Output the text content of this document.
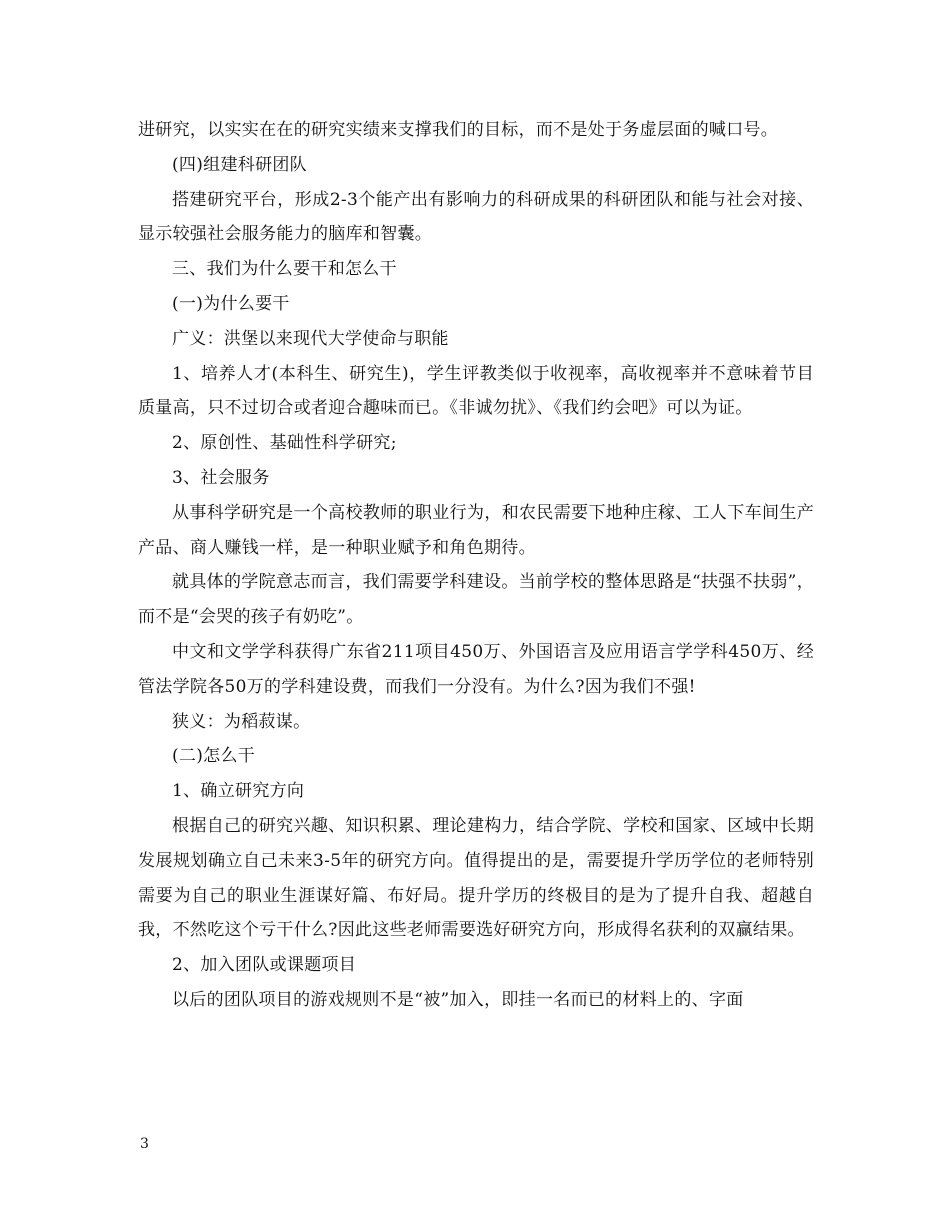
进研究，以实实在在的研究实绩来支撑我们的目标，而不是处于务虚层面的喊口号。

(四)组建科研团队

搭建研究平台，形成2-3个能产出有影响力的科研成果的科研团队和能与社会对接、显示较强社会服务能力的脑库和智囊。

三、我们为什么要干和怎么干

(一)为什么要干

广义：洪堡以来现代大学使命与职能

1、培养人才(本科生、研究生)，学生评教类似于收视率，高收视率并不意味着节目质量高，只不过切合或者迎合趣味而已。《非诚勿扰》、《我们约会吧》可以为证。

2、原创性、基础性科学研究;

3、社会服务

从事科学研究是一个高校教师的职业行为，和农民需要下地种庄稼、工人下车间生产产品、商人赚钱一样，是一种职业赋予和角色期待。

就具体的学院意志而言，我们需要学科建设。当前学校的整体思路是“扶强不扶弱”，而不是“会哭的孩子有奶吃”。

中文和文学学科获得广东省211项目450万、外国语言及应用语言学学科450万、经管法学院各50万的学科建设费，而我们一分没有。为什么?因为我们不强!

狭义：为稻菽谋。

(二)怎么干

1、确立研究方向

根据自己的研究兴趣、知识积累、理论建构力，结合学院、学校和国家、区域中长期发展规划确立自己未来3-5年的研究方向。值得提出的是，需要提升学历学位的老师特别需要为自己的职业生涯谋好篇、布好局。提升学历的终极目的是为了提升自我、超越自我，不然吃这个亏干什么?因此这些老师需要选好研究方向，形成得名获利的双赢结果。

2、加入团队或课题项目

以后的团队项目的游戏规则不是“被”加入，即挂一名而已的材料上的、字面

3
